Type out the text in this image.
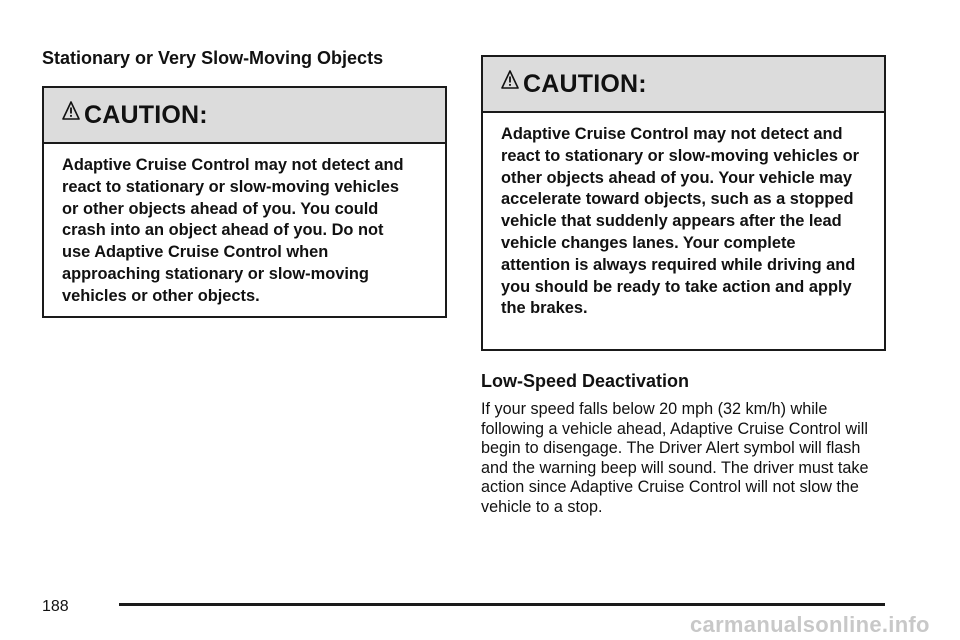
Stationary or Very Slow-Moving Objects
CAUTION:

Adaptive Cruise Control may not detect and react to stationary or slow-moving vehicles or other objects ahead of you. You could crash into an object ahead of you. Do not use Adaptive Cruise Control when approaching stationary or slow-moving vehicles or other objects.

CAUTION:

Adaptive Cruise Control may not detect and react to stationary or slow-moving vehicles or other objects ahead of you. Your vehicle may accelerate toward objects, such as a stopped vehicle that suddenly appears after the lead vehicle changes lanes. Your complete attention is always required while driving and you should be ready to take action and apply the brakes.

Low-Speed Deactivation

If your speed falls below 20 mph (32 km/h) while following a vehicle ahead, Adaptive Cruise Control will begin to disengage. The Driver Alert symbol will flash and the warning beep will sound. The driver must take action since Adaptive Cruise Control will not slow the vehicle to a stop.

188
carmanualsonline.info
